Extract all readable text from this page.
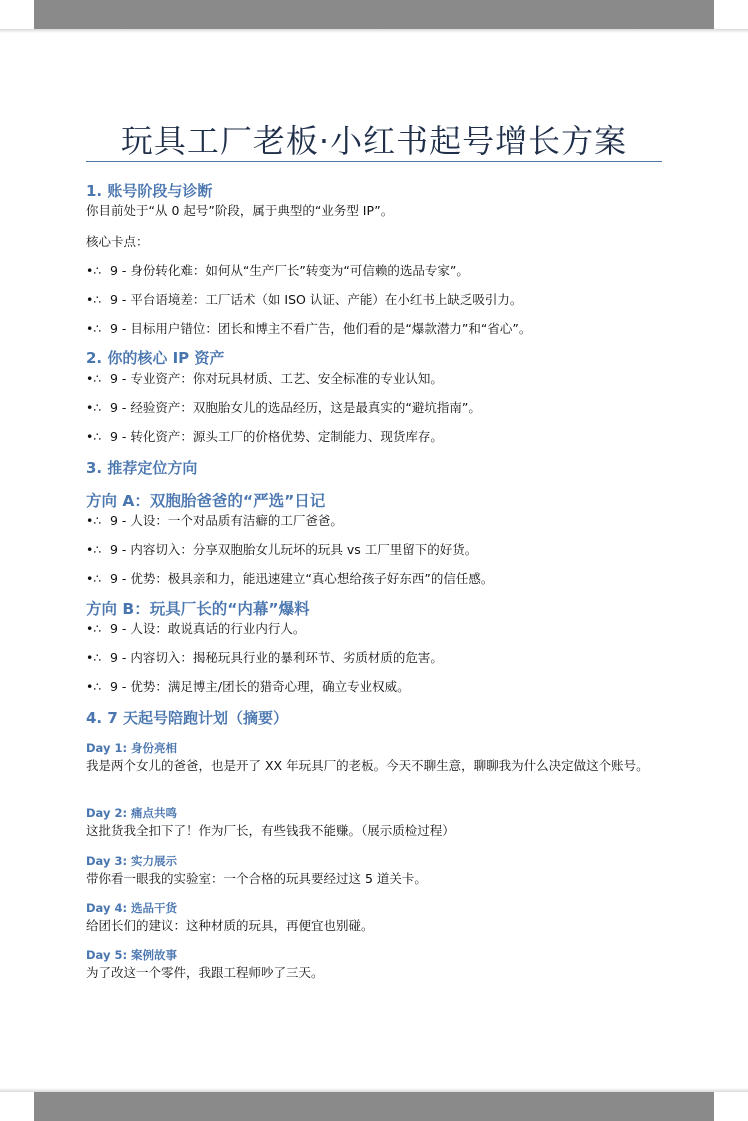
玩具工厂老板·小红书起号增长方案
1. 账号阶段与诊断
你目前处于“从 0 起号”阶段，属于典型的“业务型 IP”。
核心卡点：
•∴ 9 - 身份转化难：如何从“生产厂长”转变为“可信赖的选品专家”。
•∴ 9 - 平台语境差：工厂话术（如 ISO 认证、产能）在小红书上缺乏吸引力。
•∴ 9 - 目标用户错位：团长和博主不看广告，他们看的是“爆款潜力”和“省心”。
2. 你的核心 IP 资产
•∴ 9 - 专业资产：你对玩具材质、工艺、安全标准的专业认知。
•∴ 9 - 经验资产：双胞胎女儿的选品经历，这是最真实的“避坑指南”。
•∴ 9 - 转化资产：源头工厂的价格优势、定制能力、现货库存。
3. 推荐定位方向
方向 A：双胞胎爸爸的“严选”日记
•∴ 9 - 人设：一个对品质有洁癖的工厂爸爸。
•∴ 9 - 内容切入：分享双胞胎女儿玩坏的玩具 vs 工厂里留下的好货。
•∴ 9 - 优势：极具亲和力，能迅速建立“真心想给孩子好东西”的信任感。
方向 B：玩具厂长的“内幕”爆料
•∴ 9 - 人设：敢说真话的行业内行人。
•∴ 9 - 内容切入：揭秘玩具行业的暴利环节、劣质材质的危害。
•∴ 9 - 优势：满足博主/团长的猎奇心理，确立专业权威。
4. 7 天起号陪跑计划（摘要）
Day 1: 身份亮相
我是两个女儿的爸爸，也是开了 XX 年玩具厂的老板。今天不聊生意，聊聊我为什么决定做这个账号。
Day 2: 痛点共鸣
这批货我全扣下了！作为厂长，有些钱我不能赚。（展示质检过程）
Day 3: 实力展示
带你看一眼我的实验室：一个合格的玩具要经过这 5 道关卡。
Day 4: 选品干货
给团长们的建议：这种材质的玩具，再便宜也别碰。
Day 5: 案例故事
为了改这一个零件，我跟工程师吵了三天。
